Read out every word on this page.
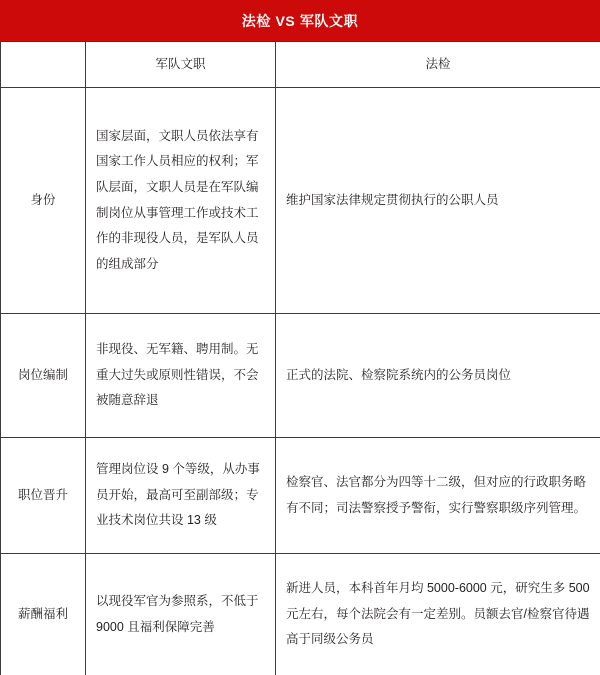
法检 VS 军队文职
	军队文职	法检
身份	国家层面，文职人员依法享有国家工作人员相应的权利；军队层面，文职人员是在军队编制岗位从事管理工作或技术工作的非现役人员，是军队人员的组成部分	维护国家法律规定贯彻执行的公职人员
岗位编制	非现役、无军籍、聘用制。无重大过失或原则性错误，不会被随意辞退	正式的法院、检察院系统内的公务员岗位
职位晋升	管理岗位设 9 个等级，从办事员开始，最高可至副部级；专业技术岗位共设 13 级	检察官、法官都分为四等十二级，但对应的行政职务略有不同；司法警察授予警衔，实行警察职级序列管理。
薪酬福利	以现役军官为参照系，不低于 9000 且福利保障完善	新进人员，本科首年月均 5000-6000 元，研究生多 500 元左右，每个法院会有一定差别。员额去官/检察官待遇高于同级公务员
